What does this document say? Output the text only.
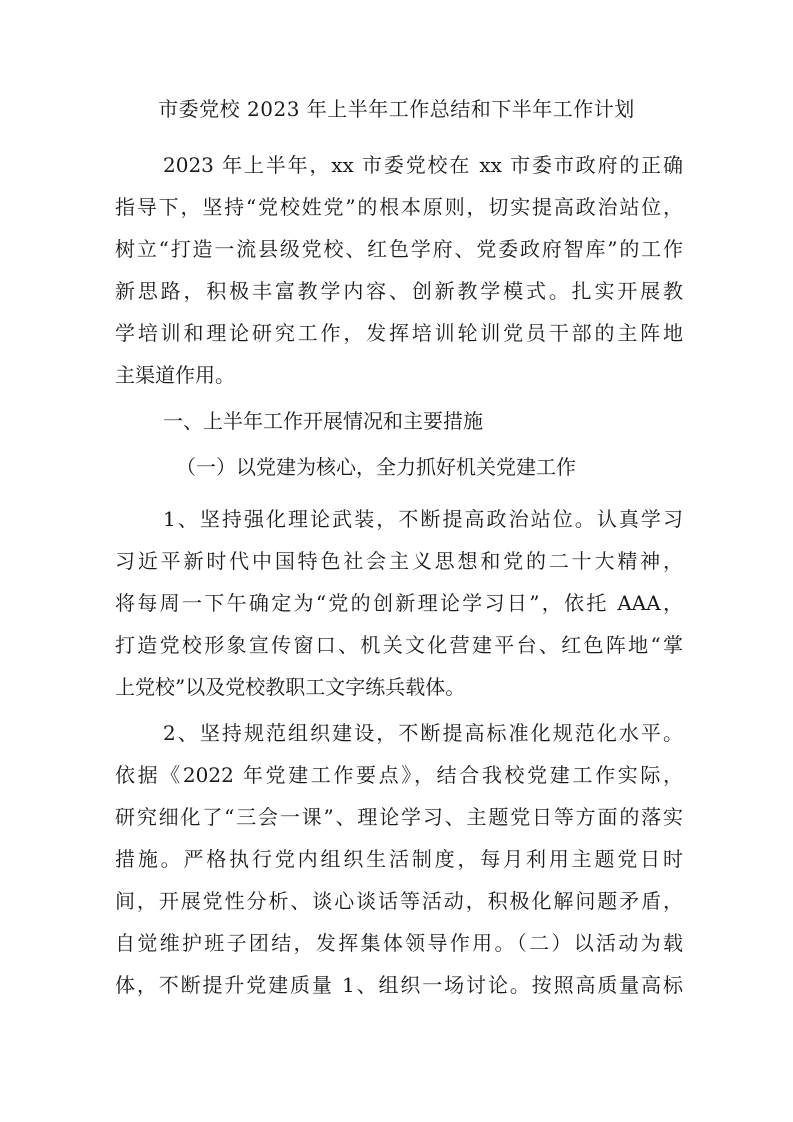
市委党校 2023 年上半年工作总结和下半年工作计划
2023 年上半年，xx 市委党校在 xx 市委市政府的正确
指导下，坚持“党校姓党”的根本原则，切实提高政治站位，
树立“打造一流县级党校、红色学府、党委政府智库”的工作
新思路，积极丰富教学内容、创新教学模式。扎实开展教
学培训和理论研究工作，发挥培训轮训党员干部的主阵地
主渠道作用。
一、上半年工作开展情况和主要措施
（一）以党建为核心，全力抓好机关党建工作
1、坚持强化理论武装，不断提高政治站位。认真学习
习近平新时代中国特色社会主义思想和党的二十大精神，
将每周一下午确定为“党的创新理论学习日”，依托 AAA，
打造党校形象宣传窗口、机关文化营建平台、红色阵地“掌
上党校”以及党校教职工文字练兵载体。
2、坚持规范组织建设，不断提高标准化规范化水平。
依据《2022 年党建工作要点》，结合我校党建工作实际，
研究细化了“三会一课”、理论学习、主题党日等方面的落实
措施。严格执行党内组织生活制度，每月利用主题党日时
间，开展党性分析、谈心谈话等活动，积极化解问题矛盾，
自觉维护班子团结，发挥集体领导作用。（二）以活动为载
体，不断提升党建质量 1、组织一场讨论。按照高质量高标
